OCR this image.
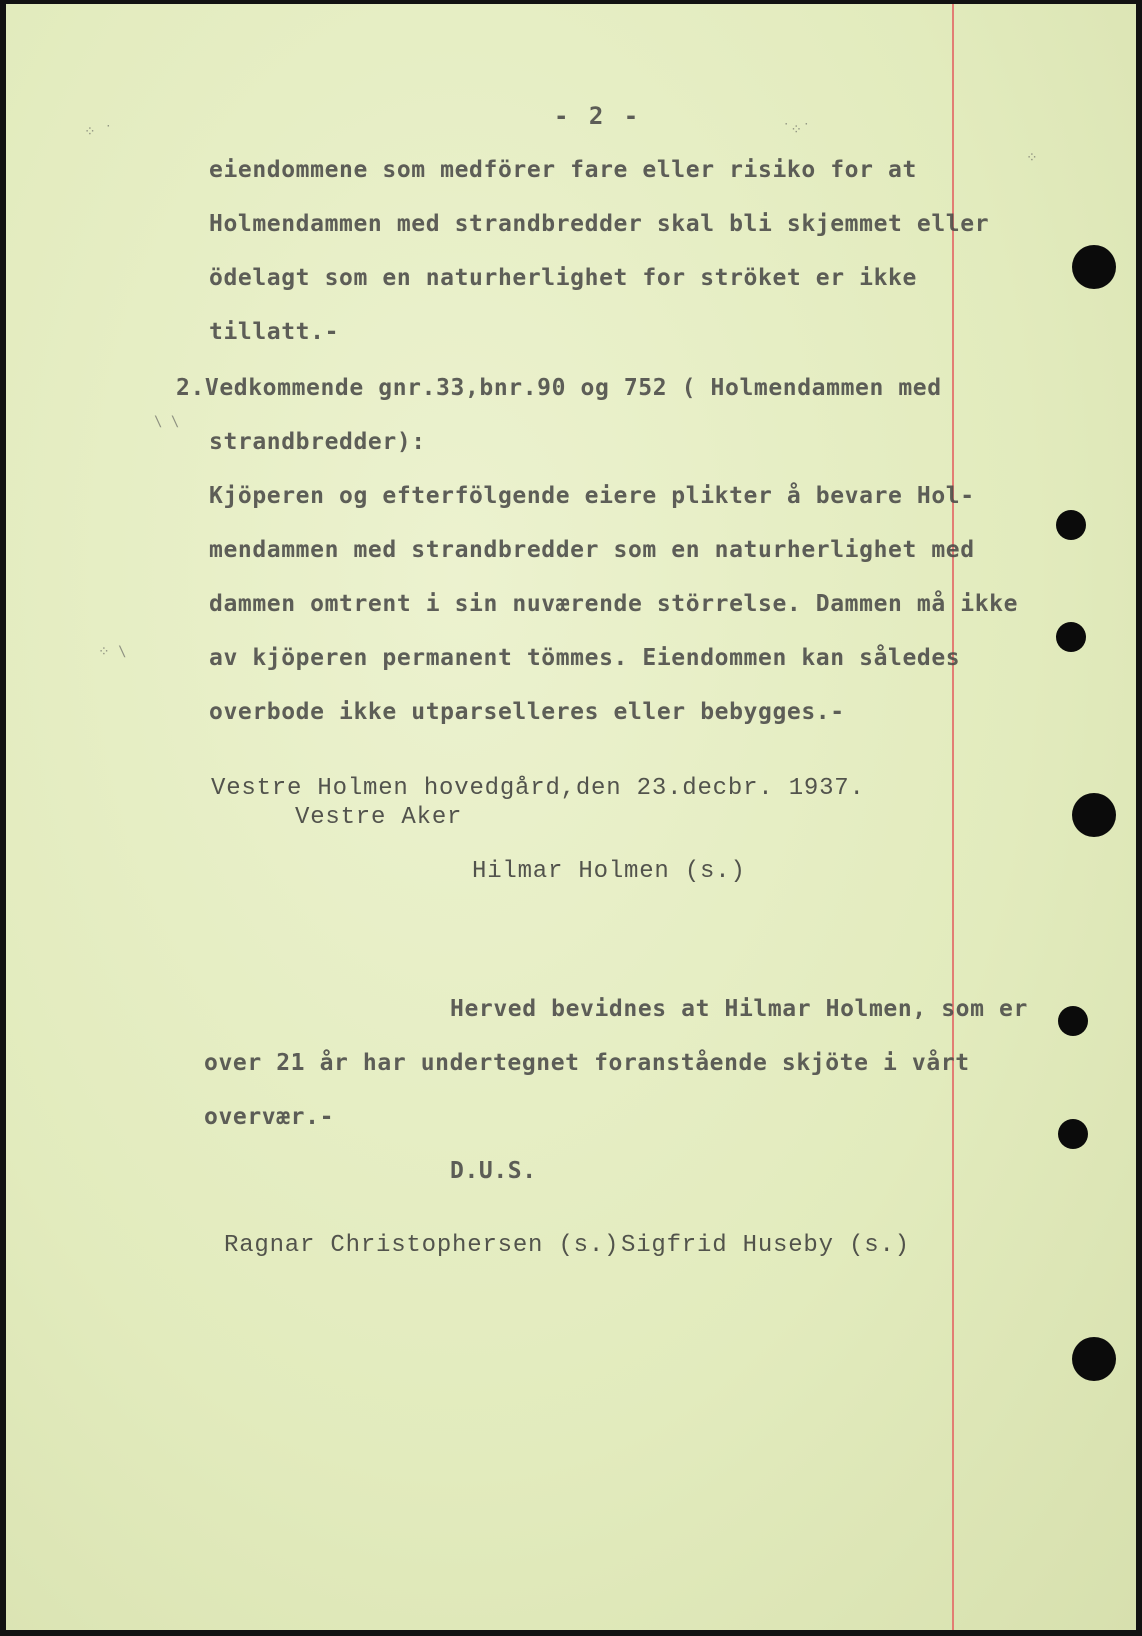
⁘ ˙	˙⁘˙
⁘
\ \
⁘ \
- 2 -
eiendommene som medförer fare eller risiko for at
Holmendammen med strandbredder skal bli skjemmet eller
ödelagt som en naturherlighet for ströket er ikke
tillatt.-
2.Vedkommende gnr.33,bnr.90 og 752 ( Holmendammen med
strandbredder):
Kjöperen og efterfölgende eiere plikter å bevare Hol-
mendammen med strandbredder som en naturherlighet med
dammen omtrent i sin nuværende störrelse. Dammen må ikke
av kjöperen permanent tömmes. Eiendommen kan således
overbode ikke utparselleres eller bebygges.-
Vestre Holmen hovedgård,den 23.decbr. 1937.
Vestre Aker
Hilmar Holmen (s.)
Herved bevidnes at Hilmar Holmen, som er
over 21 år har undertegnet foranstående skjöte i vårt
overvær.-
D.U.S.
Ragnar Christophersen (s.) Sigfrid Huseby (s.)
